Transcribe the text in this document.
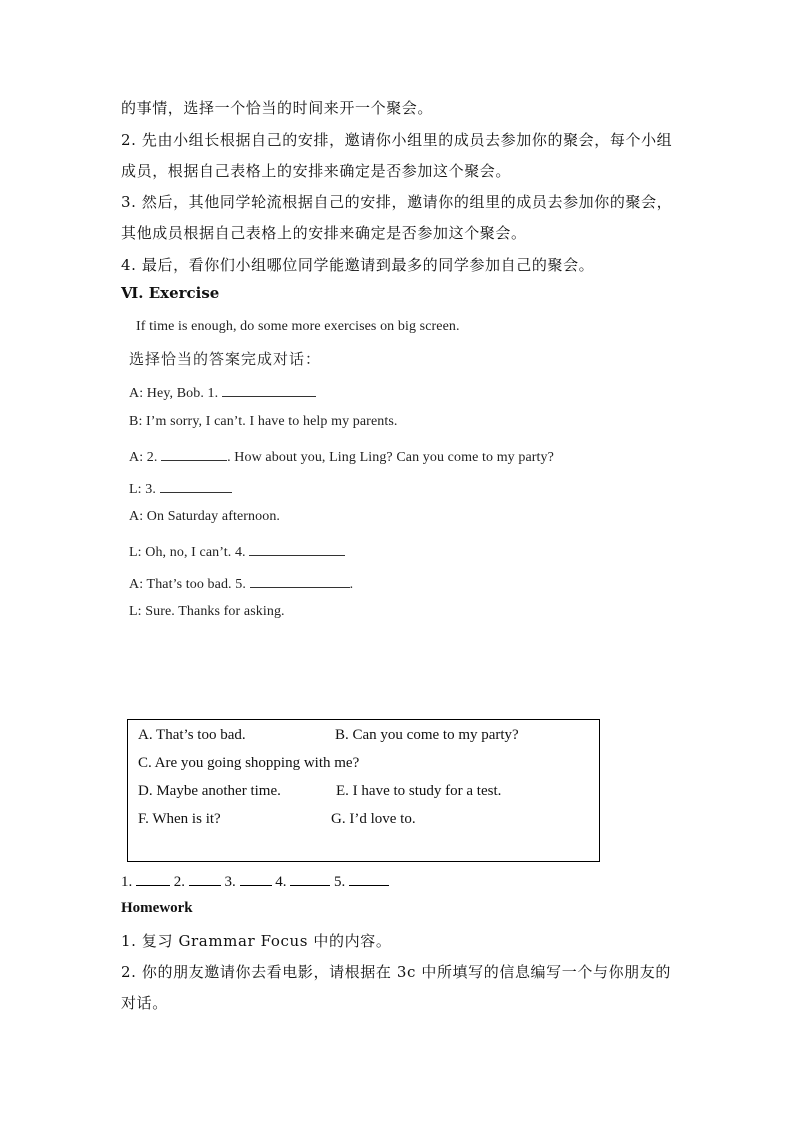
的事情，选择一个恰当的时间来开一个聚会。
2. 先由小组长根据自己的安排，邀请你小组里的成员去参加你的聚会，每个小组
成员，根据自己表格上的安排来确定是否参加这个聚会。
3. 然后，其他同学轮流根据自己的安排，邀请你的组里的成员去参加你的聚会，
其他成员根据自己表格上的安排来确定是否参加这个聚会。
4. 最后，看你们小组哪位同学能邀请到最多的同学参加自己的聚会。
Ⅵ. Exercise
If time is enough, do some more exercises on big screen.
选择恰当的答案完成对话：
A: Hey, Bob. 1.
B: I’m sorry, I can’t. I have to help my parents.
A: 2.	. How about you, Ling Ling? Can you come to my party?
L: 3.
A: On Saturday afternoon.
L: Oh, no, I can’t. 4.
A: That’s too bad. 5.	.
L: Sure. Thanks for asking.
A. That’s too bad.	B. Can you come to my party?
C. Are you going shopping with me?
D. Maybe another time.	E. I have to study for a test.
F. When is it?	G. I’d love to.
1.	2.	3.	4.	5.
Homework
1. 复习 Grammar Focus 中的内容。
2. 你的朋友邀请你去看电影，请根据在 3c 中所填写的信息编写一个与你朋友的
对话。
